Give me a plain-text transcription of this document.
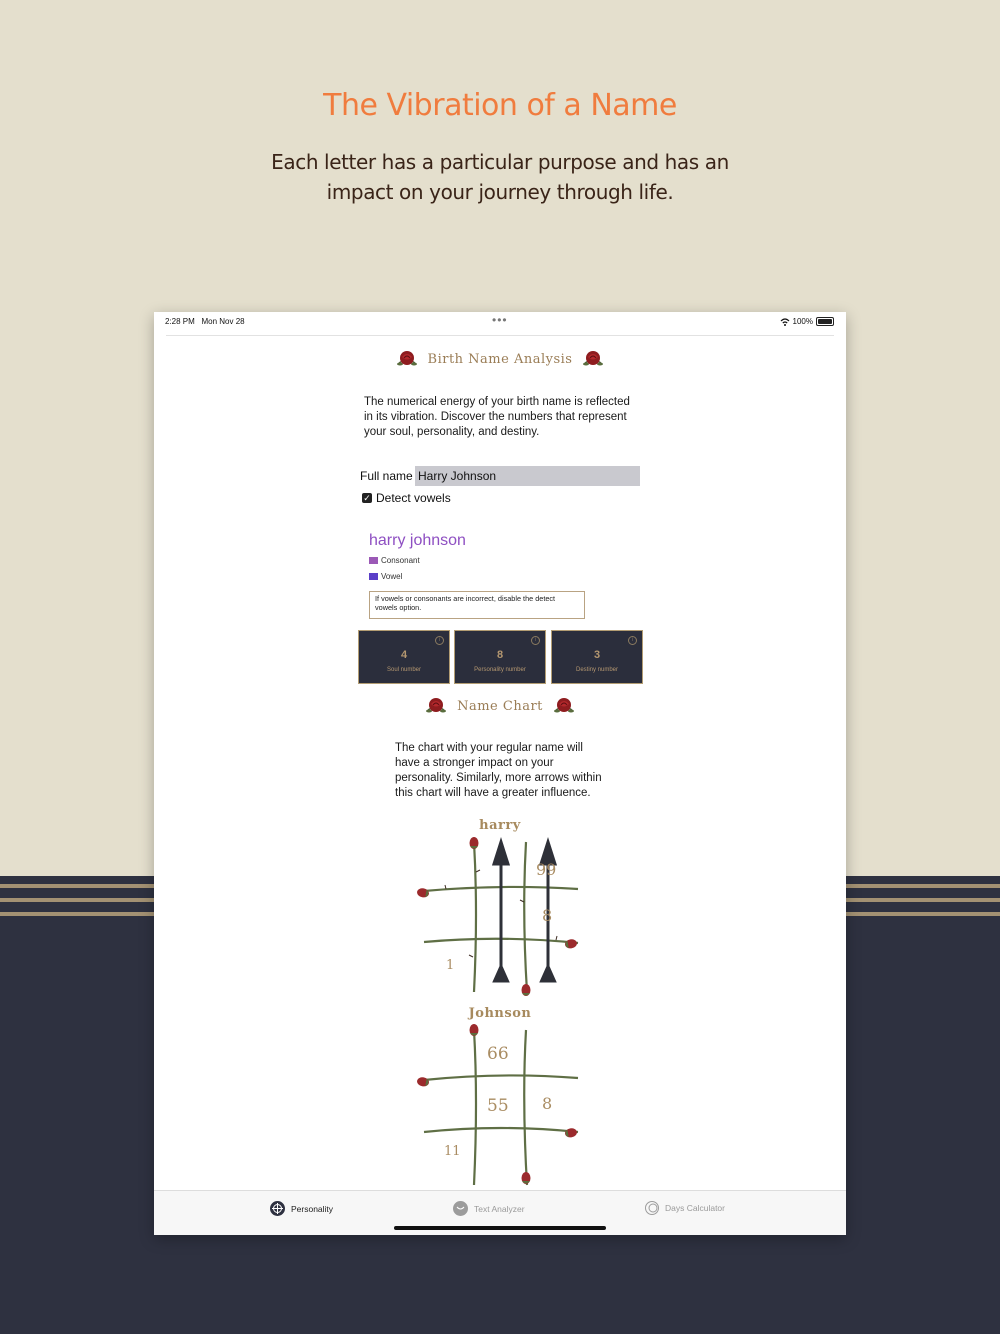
The Vibration of a Name
Each letter has a particular purpose and has an impact on your journey through life.
2:28 PM Mon Nov 28	•••	100%
Birth Name Analysis
The numerical energy of your birth name is reflected in its vibration. Discover the numbers that represent your soul, personality, and destiny.
Full name
Harry Johnson
✓ Detect vowels
harry johnson
Consonant
Vowel
If vowels or consonants are incorrect, disable the detect vowels option.
i
4
Soul number
i
8
Personality number
i
3
Destiny number
Name Chart
The chart with your regular name will have a stronger impact on your personality. Similarly, more arrows within this chart will have a greater influence.
harry
99
8
1
Johnson
66
55 8
11
Personality	Text Analyzer	Days Calculator
